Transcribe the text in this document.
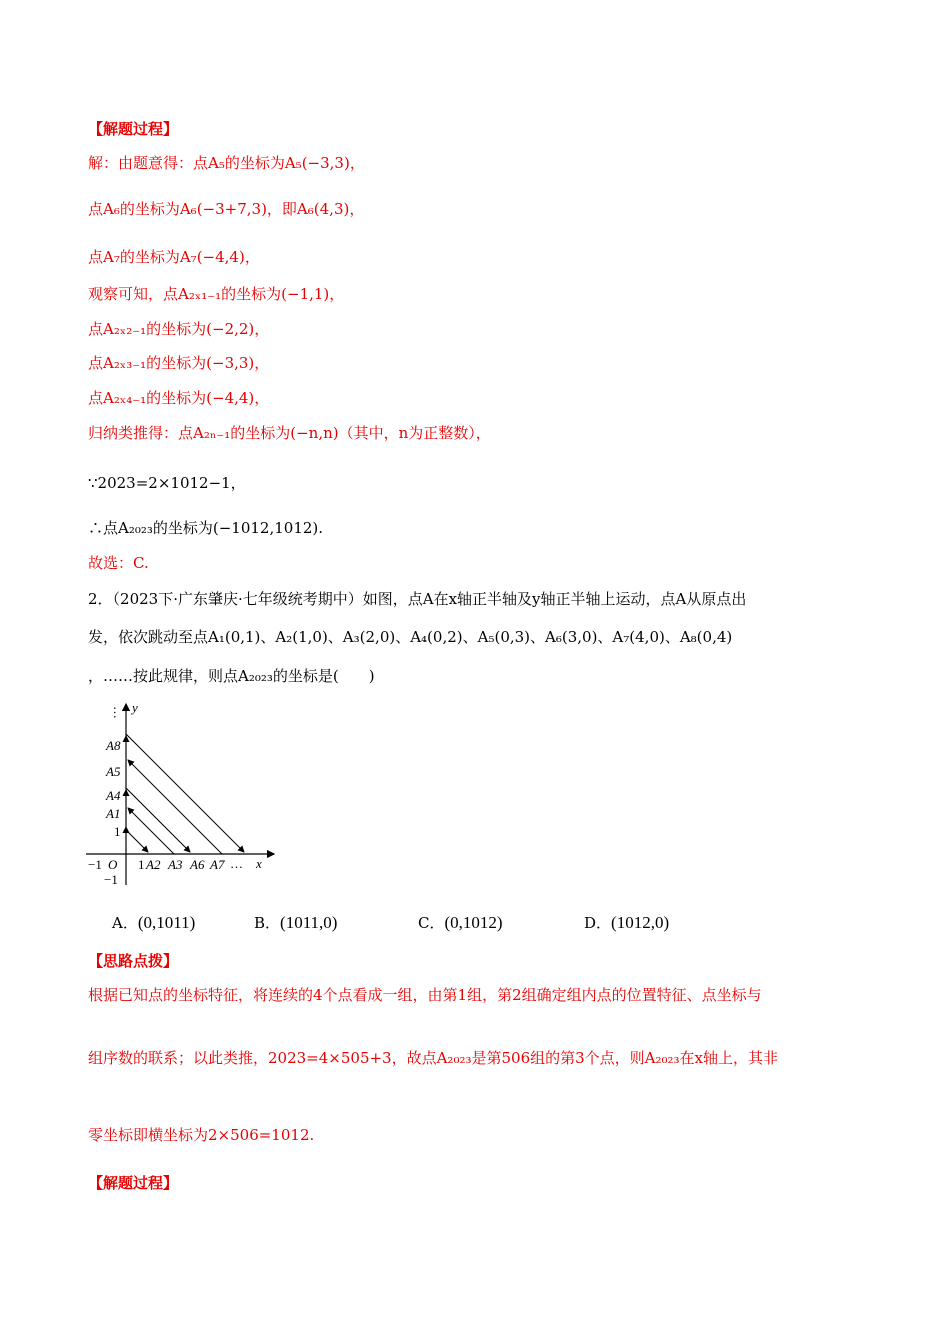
【解题过程】
解：由题意得：点A₅的坐标为A₅(−3,3)，
点A₆的坐标为A₆(−3+7,3)，即A₆(4,3)，
点A₇的坐标为A₇(−4,4)，
观察可知，点A₂ₓ₁₋₁的坐标为(−1,1)，
点A₂ₓ₂₋₁的坐标为(−2,2)，
点A₂ₓ₃₋₁的坐标为(−3,3)，
点A₂ₓ₄₋₁的坐标为(−4,4)，
归纳类推得：点A₂ₙ₋₁的坐标为(−n,n)（其中，n为正整数），
∵2023=2×1012−1，
∴点A₂₀₂₃的坐标为(−1012,1012).
故选：C.
2．（2023下·广东肇庆·七年级统考期中）如图，点A在x轴正半轴及y轴正半轴上运动，点A从原点出
发，依次跳动至点A₁(0,1)、A₂(1,0)、A₃(2,0)、A₄(0,2)、A₅(0,3)、A₆(3,0)、A₇(4,0)、A₈(0,4)
，……按此规律，则点A₂₀₂₃的坐标是(　　)
y
x
O
−1
−1
1
1
…
…
A8
A5
A4
A1
A2 A3 A6 A7
A．(0,1011)	B．(1011,0)	C．(0,1012)	D．(1012,0)
【思路点拨】
根据已知点的坐标特征，将连续的4个点看成一组，由第1组，第2组确定组内点的位置特征、点坐标与
组序数的联系；以此类推，2023=4×505+3，故点A₂₀₂₃是第506组的第3个点，则A₂₀₂₃在x轴上，其非
零坐标即横坐标为2×506=1012.
【解题过程】
